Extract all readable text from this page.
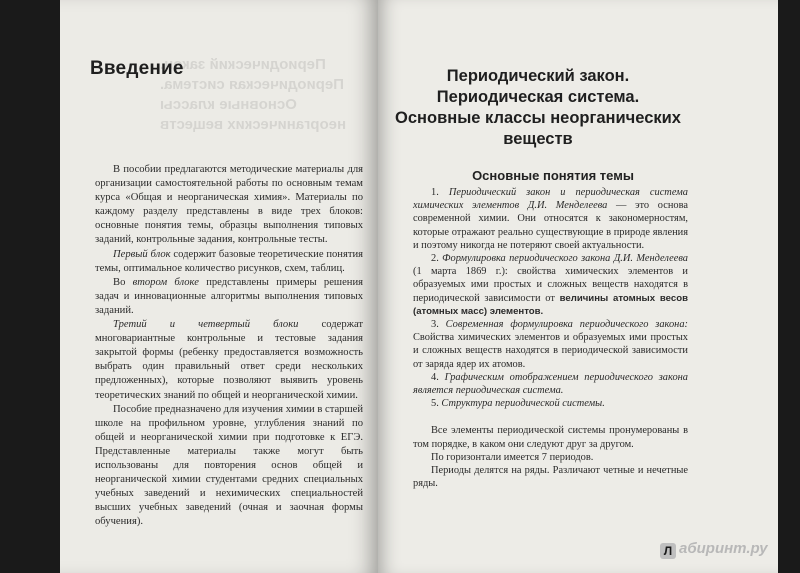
Периодический закон.
Периодическая система.
Основные классы неорганических веществ
Введение

В пособии предлагаются методические материалы для организации самостоятельной работы по основным темам курса «Общая и неорганическая химия». Материалы по каждому разделу представлены в виде трех блоков: основные понятия темы, образцы выполнения типовых заданий, контрольные задания, контрольные тесты.

Первый блок содержит базовые теоретические понятия темы, оптимальное количество рисунков, схем, таблиц.

Во втором блоке представлены примеры решения задач и инновационные алгоритмы выполнения типовых заданий.

Третий и четвертый блоки содержат многовариантные контрольные и тестовые задания закрытой формы (ребенку предоставляется возможность выбрать один правильный ответ среди нескольких предложенных), которые позволяют выявить уровень теоретических знаний по общей и неорганической химии.

Пособие предназначено для изучения химии в старшей школе на профильном уровне, углубления знаний по общей и неорганической химии при подготовке к ЕГЭ. Представленные материалы также могут быть использованы для повторения основ общей и неорганической химии студентами средних специальных учебных заведений и нехимических специальностей высших учебных заведений (очная и заочная формы обучения).

Периодический закон.
Периодическая система.
Основные классы неорганических веществ
Основные понятия темы

1. Периодический закон и периодическая система химических элементов Д.И. Менделеева — это основа современной химии. Они относятся к закономерностям, которые отражают реально существующие в природе явления и поэтому никогда не потеряют своей актуальности.

2. Формулировка периодического закона Д.И. Менделеева (1 марта 1869 г.): свойства химических элементов и образуемых ими простых и сложных веществ находятся в периодической зависимости от величины атомных весов (атомных масс) элементов.

3. Современная формулировка периодического закона: Свойства химических элементов и образуемых ими простых и сложных веществ находятся в периодической зависимости от заряда ядер их атомов.

4. Графическим отображением периодического закона является периодическая система.

5. Структура периодической системы.

Все элементы периодической системы пронумерованы в том порядке, в каком они следуют друг за другом.

По горизонтали имеется 7 периодов.

Периоды делятся на ряды. Различают четные и нечетные ряды.

Л абиринт.ру
